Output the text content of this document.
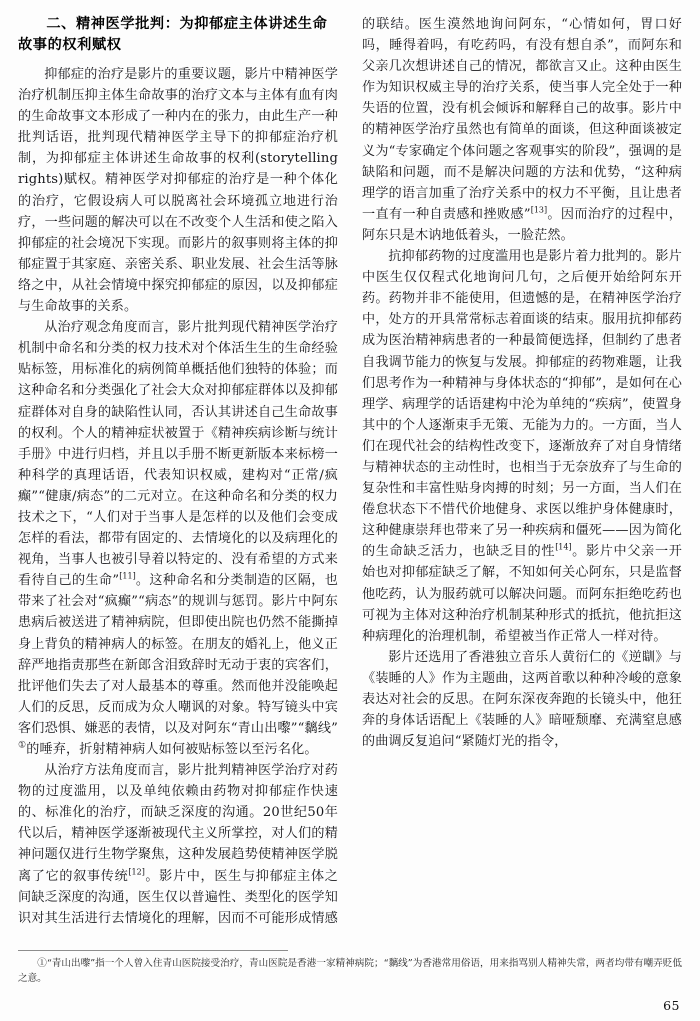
二、精神医学批判：为抑郁症主体讲述生命故事的权利赋权

抑郁症的治疗是影片的重要议题，影片中精神医学治疗机制压抑主体生命故事的治疗文本与主体有血有肉的生命故事文本形成了一种内在的张力，由此生产一种批判话语，批判现代精神医学主导下的抑郁症治疗机制，为抑郁症主体讲述生命故事的权利(storytelling rights)赋权。精神医学对抑郁症的治疗是一种个体化的治疗，它假设病人可以脱离社会环境孤立地进行治疗，一些问题的解决可以在不改变个人生活和使之陷入抑郁症的社会境况下实现。而影片的叙事则将主体的抑郁症置于其家庭、亲密关系、职业发展、社会生活等脉络之中，从社会情境中探究抑郁症的原因，以及抑郁症与生命故事的关系。

从治疗观念角度而言，影片批判现代精神医学治疗机制中命名和分类的权力技术对个体活生生的生命经验贴标签，用标准化的病例简单概括他们独特的体验；而这种命名和分类强化了社会大众对抑郁症群体以及抑郁症群体对自身的缺陷性认同，否认其讲述自己生命故事的权利。个人的精神症状被置于《精神疾病诊断与统计手册》中进行归档，并且以手册不断更新版本来标榜一种科学的真理话语，代表知识权威，建构对“正常/疯癫”“健康/病态”的二元对立。在这种命名和分类的权力技术之下，“人们对于当事人是怎样的以及他们会变成怎样的看法，都带有固定的、去情境化的以及病理化的视角，当事人也被引导着以特定的、没有希望的方式来看待自己的生命”[11]。这种命名和分类制造的区隔，也带来了社会对“疯癫”“病态”的规训与惩罚。影片中阿东患病后被送进了精神病院，但即使出院也仍然不能撕掉身上背负的精神病人的标签。在朋友的婚礼上，他义正辞严地指责那些在新郎含泪致辞时无动于衷的宾客们，批评他们失去了对人最基本的尊重。然而他并没能唤起人们的反思，反而成为众人嘲讽的对象。特写镜头中宾客们恐惧、嫌恶的表情，以及对阿东“青山出嚟”“黐线”①的唾弃，折射精神病人如何被贴标签以至污名化。

从治疗方法角度而言，影片批判精神医学治疗对药物的过度滥用，以及单纯依赖由药物对抑郁症作快速的、标准化的治疗，而缺乏深度的沟通。20世纪50年代以后，精神医学逐渐被现代主义所掌控，对人们的精神问题仅进行生物学聚焦，这种发展趋势使精神医学脱离了它的叙事传统[12]。影片中，医生与抑郁症主体之间缺乏深度的沟通，医生仅以普遍性、类型化的医学知识对其生活进行去情境化的理解，因而不可能形成情感的联结。医生漠然地询问阿东，“心情如何，胃口好吗，睡得着吗，有吃药吗，有没有想自杀”，而阿东和父亲几次想讲述自己的情况，都欲言又止。这种由医生作为知识权威主导的治疗关系，使当事人完全处于一种失语的位置，没有机会倾诉和解释自己的故事。影片中的精神医学治疗虽然也有简单的面谈，但这种面谈被定义为“专家确定个体问题之客观事实的阶段”，强调的是缺陷和问题，而不是解决问题的方法和优势，“这种病理学的语言加重了治疗关系中的权力不平衡，且让患者一直有一种自责感和挫败感”[13]。因而治疗的过程中，阿东只是木讷地低着头，一脸茫然。

抗抑郁药物的过度滥用也是影片着力批判的。影片中医生仅仅程式化地询问几句，之后便开始给阿东开药。药物并非不能使用，但遗憾的是，在精神医学治疗中，处方的开具常常标志着面谈的结束。服用抗抑郁药成为医治精神病患者的一种最简便选择，但制约了患者自我调节能力的恢复与发展。抑郁症的药物难题，让我们思考作为一种精神与身体状态的“抑郁”，是如何在心理学、病理学的话语建构中沦为单纯的“疾病”，使置身其中的个人逐渐束手无策、无能为力的。一方面，当人们在现代社会的结构性改变下，逐渐放弃了对自身情绪与精神状态的主动性时，也相当于无奈放弃了与生命的复杂性和丰富性贴身肉搏的时刻；另一方面，当人们在倦怠状态下不惜代价地健身、求医以维护身体健康时，这种健康崇拜也带来了另一种疾病和僵死——因为简化的生命缺乏活力，也缺乏目的性[14]。影片中父亲一开始也对抑郁症缺乏了解，不知如何关心阿东，只是监督他吃药，认为服药就可以解决问题。而阿东拒绝吃药也可视为主体对这种治疗机制某种形式的抵抗，他抗拒这种病理化的治理机制，希望被当作正常人一样对待。

影片还选用了香港独立音乐人黄衍仁的《逆瞓》与《装睡的人》作为主题曲，这两首歌以种种冷峻的意象表达对社会的反思。在阿东深夜奔跑的长镜头中，他狂奔的身体话语配上《装睡的人》暗哑颓靡、充满窒息感的曲调反复追问“紧随灯光的指令，

①“青山出嚟”指一个人曾入住青山医院接受治疗，青山医院是香港一家精神病院；“黐线”为香港常用俗语，用来指骂别人精神失常，两者均带有嘲弄贬低之意。

65
